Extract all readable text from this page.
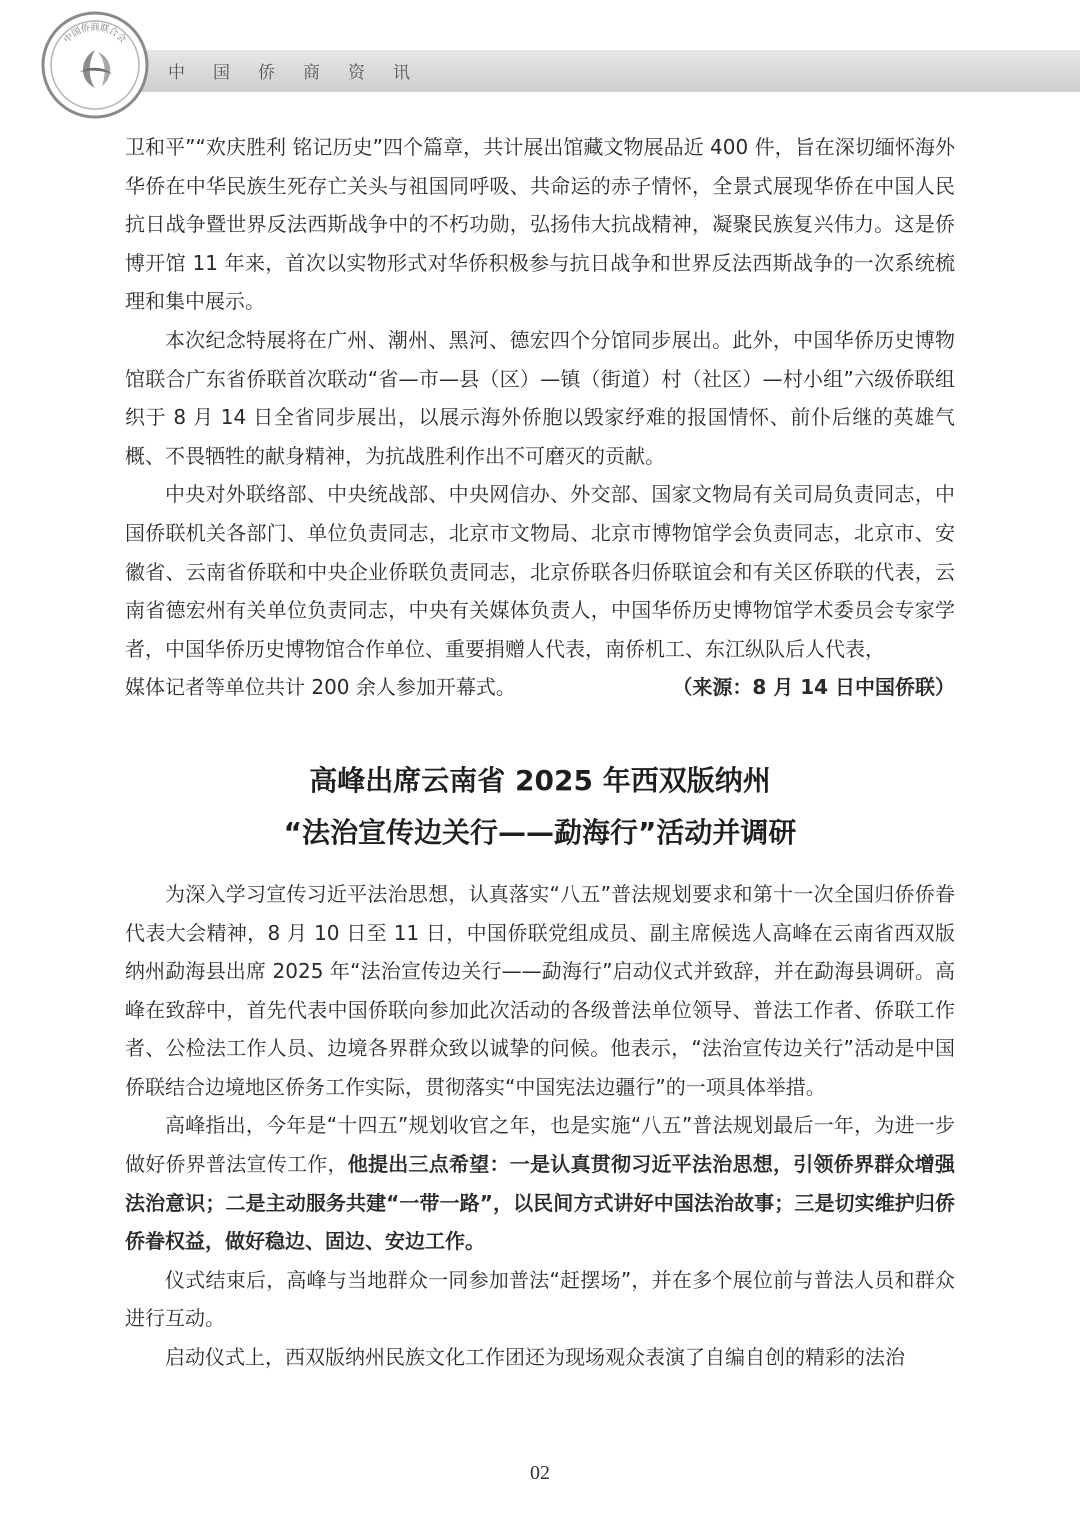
中国侨商资讯
中国侨商联合会

卫和平”“欢庆胜利 铭记历史”四个篇章，共计展出馆藏文物展品近 400 件，旨在深切缅怀海外华侨在中华民族生死存亡关头与祖国同呼吸、共命运的赤子情怀，全景式展现华侨在中国人民抗日战争暨世界反法西斯战争中的不朽功勋，弘扬伟大抗战精神，凝聚民族复兴伟力。这是侨博开馆 11 年来，首次以实物形式对华侨积极参与抗日战争和世界反法西斯战争的一次系统梳理和集中展示。

本次纪念特展将在广州、潮州、黑河、德宏四个分馆同步展出。此外，中国华侨历史博物馆联合广东省侨联首次联动“省—市—县（区）—镇（街道）村（社区）—村小组”六级侨联组织于 8 月 14 日全省同步展出，以展示海外侨胞以毁家纾难的报国情怀、前仆后继的英雄气概、不畏牺牲的献身精神，为抗战胜利作出不可磨灭的贡献。

中央对外联络部、中央统战部、中央网信办、外交部、国家文物局有关司局负责同志，中国侨联机关各部门、单位负责同志，北京市文物局、北京市博物馆学会负责同志，北京市、安徽省、云南省侨联和中央企业侨联负责同志，北京侨联各归侨联谊会和有关区侨联的代表，云南省德宏州有关单位负责同志，中央有关媒体负责人，中国华侨历史博物馆学术委员会专家学者，中国华侨历史博物馆合作单位、重要捐赠人代表，南侨机工、东江纵队后人代表，

媒体记者等单位共计 200 余人参加开幕式。	（来源：8 月 14 日中国侨联）
高峰出席云南省 2025 年西双版纳州
“法治宣传边关行——勐海行”活动并调研

为深入学习宣传习近平法治思想，认真落实“八五”普法规划要求和第十一次全国归侨侨眷代表大会精神，8 月 10 日至 11 日，中国侨联党组成员、副主席候选人高峰在云南省西双版纳州勐海县出席 2025 年“法治宣传边关行——勐海行”启动仪式并致辞，并在勐海县调研。高峰在致辞中，首先代表中国侨联向参加此次活动的各级普法单位领导、普法工作者、侨联工作者、公检法工作人员、边境各界群众致以诚挚的问候。他表示，“法治宣传边关行”活动是中国侨联结合边境地区侨务工作实际，贯彻落实“中国宪法边疆行”的一项具体举措。

高峰指出，今年是“十四五”规划收官之年，也是实施“八五”普法规划最后一年，为进一步做好侨界普法宣传工作，他提出三点希望：一是认真贯彻习近平法治思想，引领侨界群众增强法治意识；二是主动服务共建“一带一路”，以民间方式讲好中国法治故事；三是切实维护归侨侨眷权益，做好稳边、固边、安边工作。

仪式结束后，高峰与当地群众一同参加普法“赶摆场”，并在多个展位前与普法人员和群众进行互动。

启动仪式上，西双版纳州民族文化工作团还为现场观众表演了自编自创的精彩的法治

02
